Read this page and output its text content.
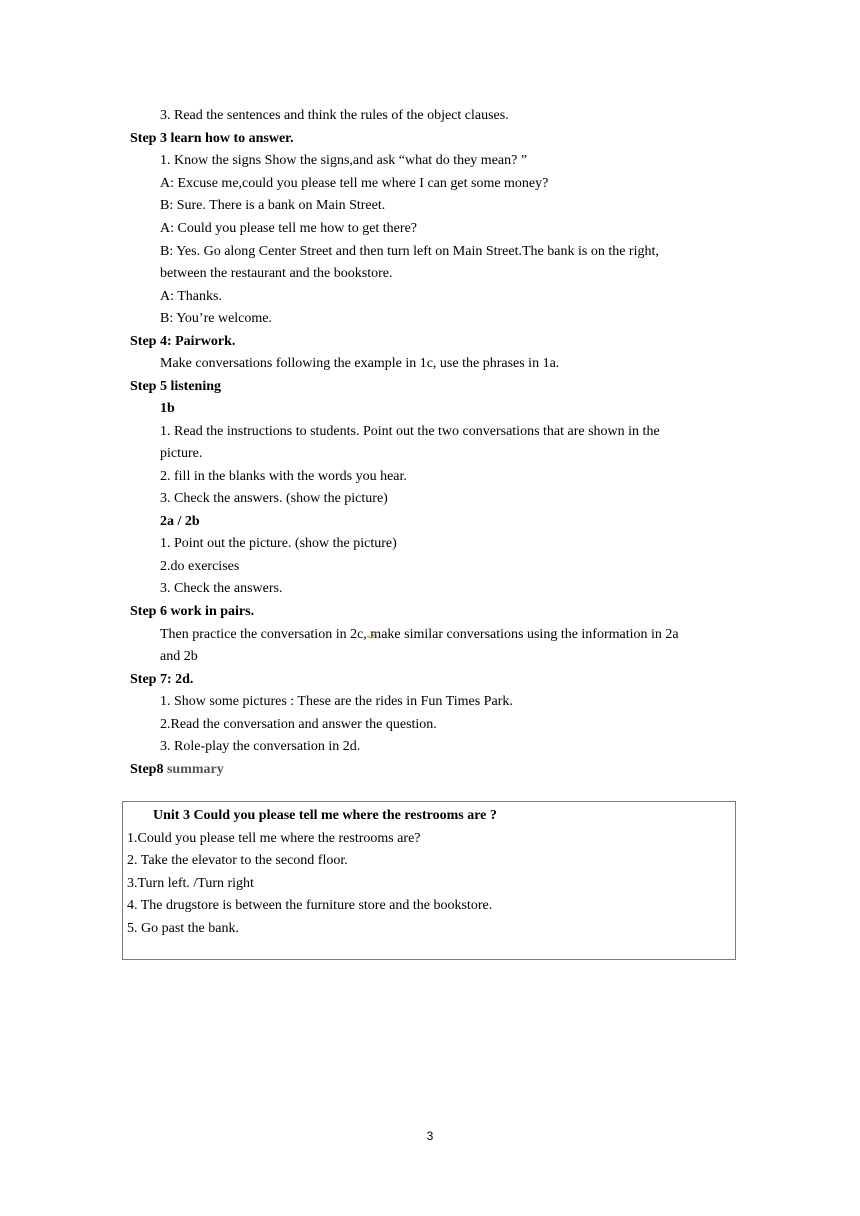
3. Read the sentences and think the rules of the object clauses.
Step 3 learn how to answer.
1. Know the signs Show the signs,and ask “what do they mean? ”
A: Excuse me,could you please tell me where I can get some money?
B: Sure. There is a bank on Main Street.
A: Could you please tell me how to get there?
B: Yes. Go along Center Street and then turn left on Main Street.The bank is on the right,
between the restaurant and the bookstore.
A: Thanks.
B: You’re welcome.
Step 4: Pairwork.
Make conversations following the example in 1c, use the phrases in 1a.
Step 5 listening
1b
1. Read the instructions to students. Point out the two conversations that are shown in the
picture.
2. fill in the blanks with the words you hear.
3. Check the answers. (show the picture)
2a / 2b
1. Point out the picture. (show the picture)
2.do exercises
3. Check the answers.
Step 6 work in pairs.
Then practice the conversation in 2c, make similar conversations using the information in 2a
and 2b
Step 7: 2d.
1. Show some pictures : These are the rides in Fun Times Park.
2.Read the conversation and answer the question.
3. Role-play the conversation in 2d.
Step8 summary
Unit 3 Could you please tell me where the restrooms are ?
1.Could you please tell me where the restrooms are?
2. Take the elevator to the second floor.
3.Turn left. /Turn right
4. The drugstore is between the furniture store and the bookstore.
5. Go past the bank.
3
